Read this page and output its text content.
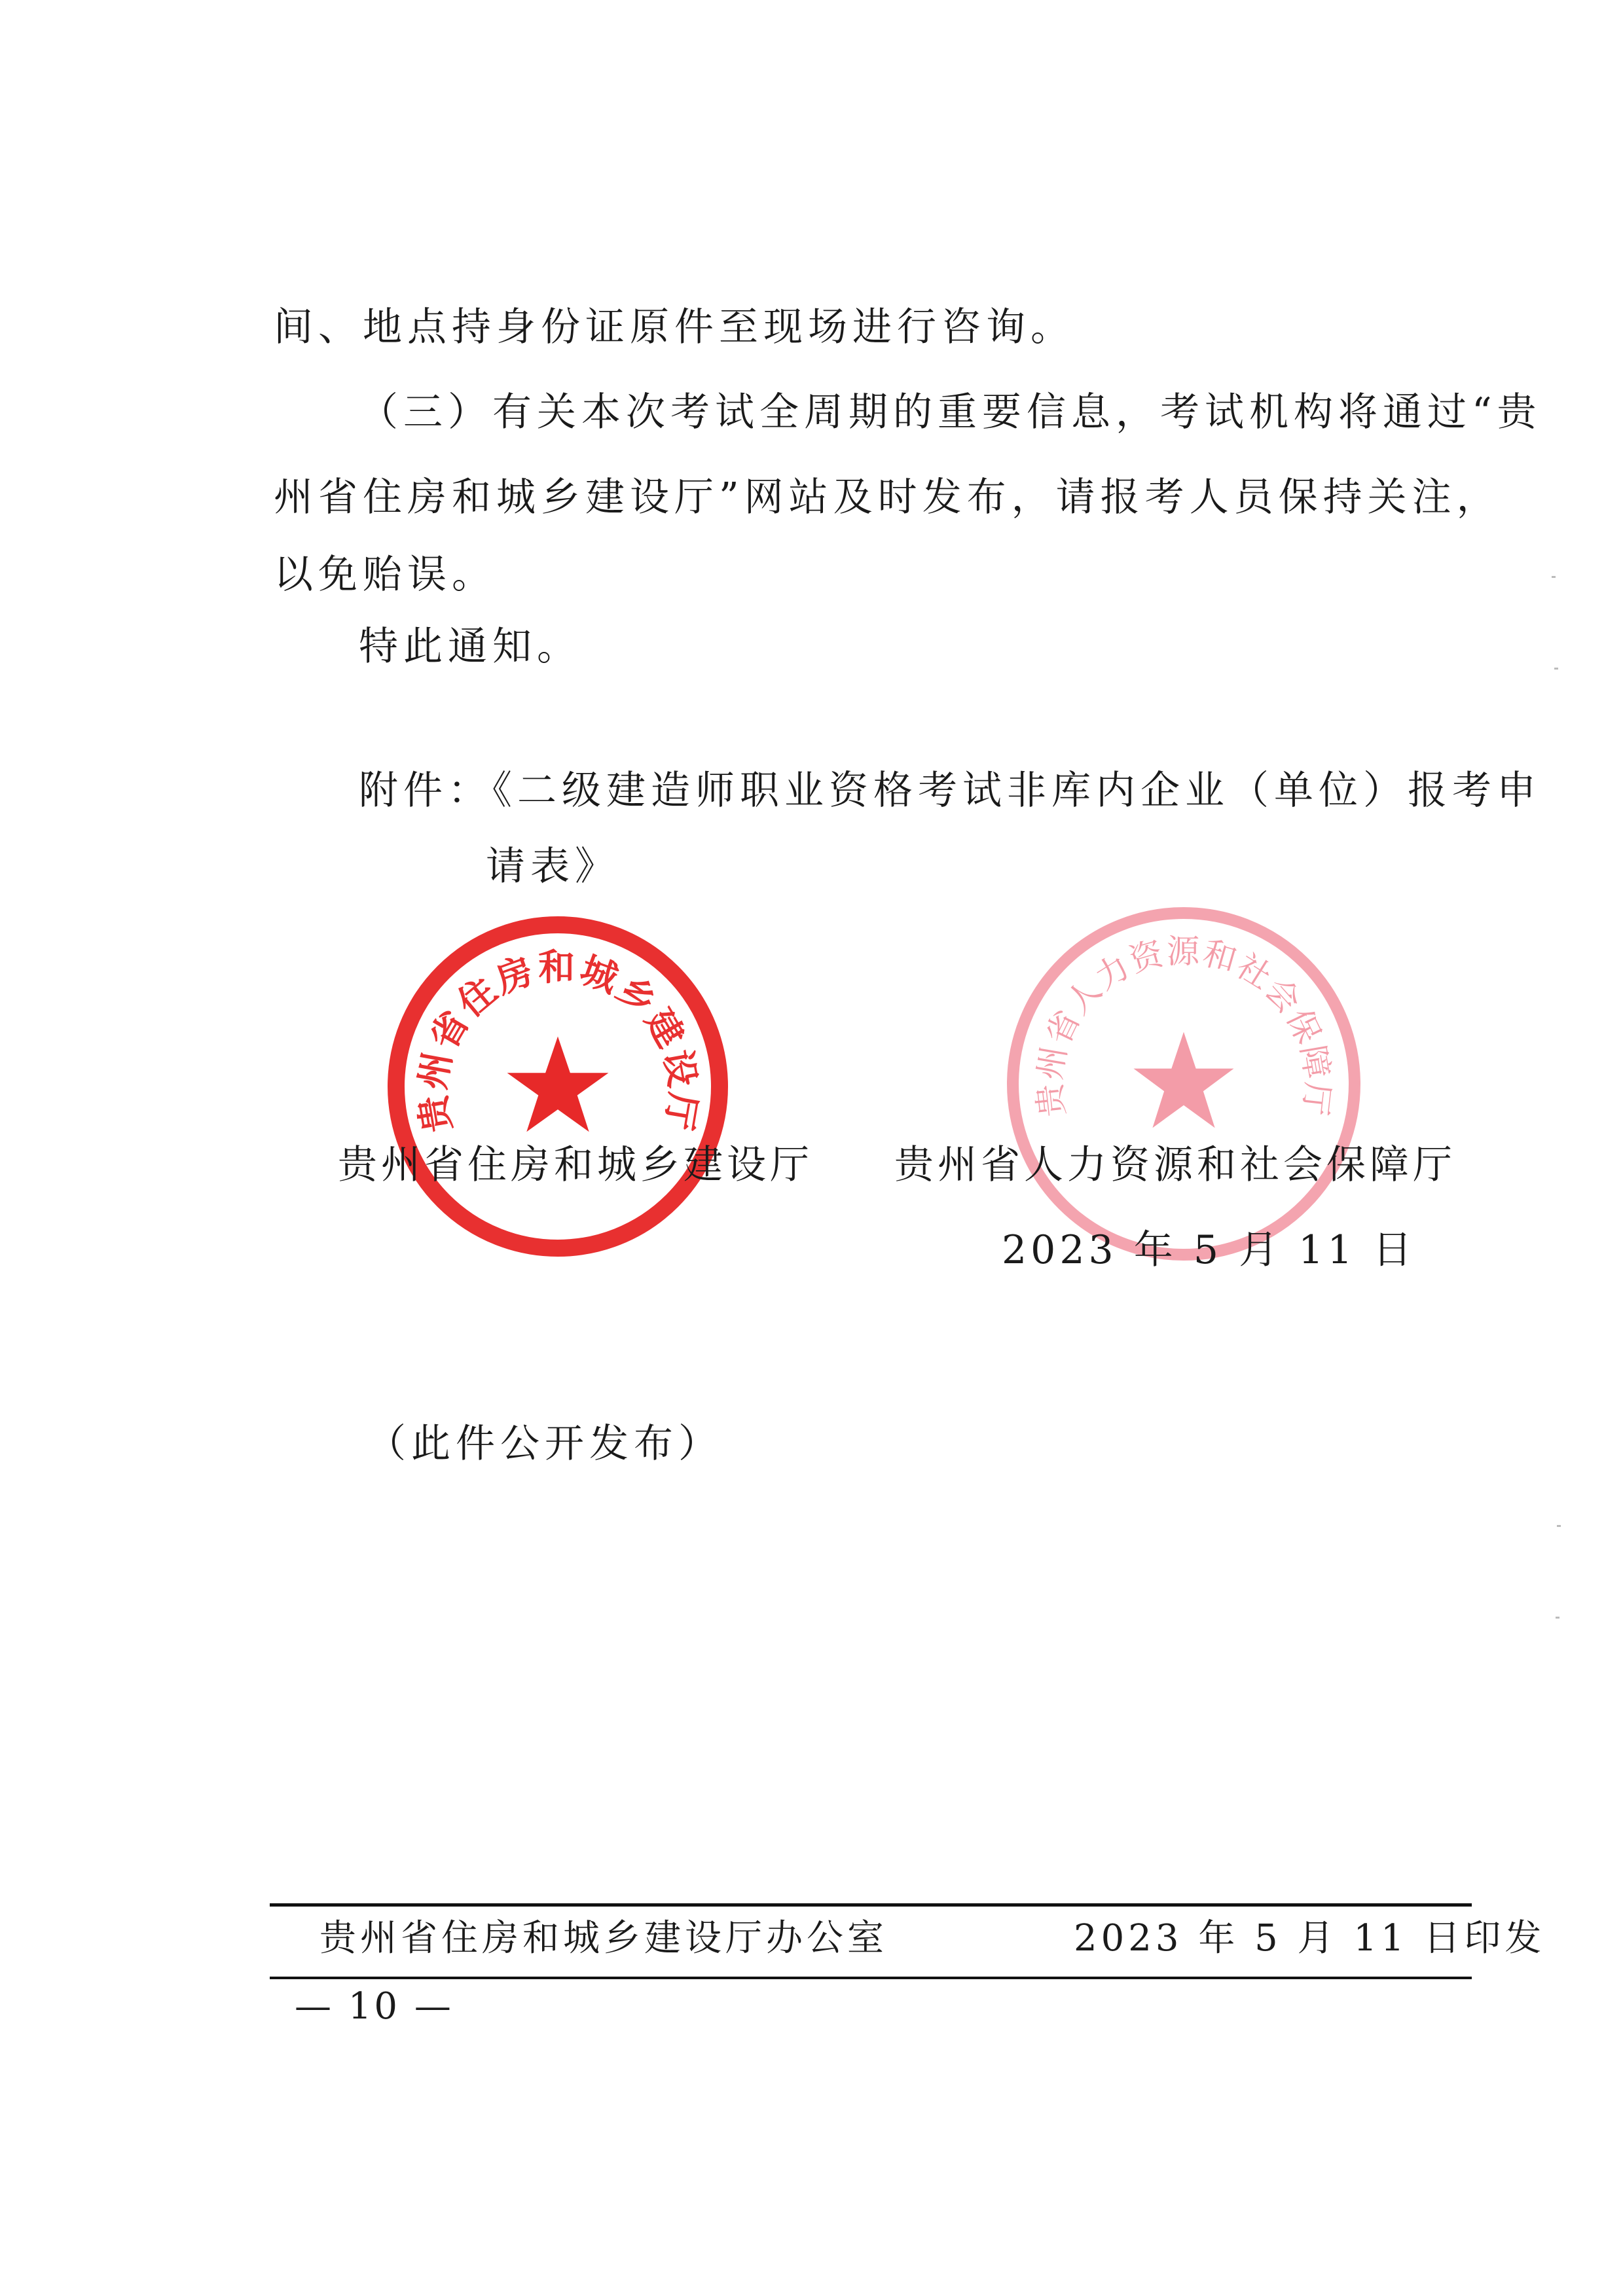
间、地点持身份证原件至现场进行咨询。
（三）有关本次考试全周期的重要信息，考试机构将通过“贵
州省住房和城乡建设厅”网站及时发布，请报考人员保持关注，
以免贻误。
特此通知。
附件：《二级建造师职业资格考试非库内企业（单位）报考申
请表》
贵州省住房和城乡建设厅	贵州省人力资源和社会保障厅
贵州省住房和城乡建设厅 贵州省人力资源和社会保障厅
2023 年 5 月 11 日
（此件公开发布）
贵州省住房和城乡建设厅办公室	2023 年 5 月 11 日印发
— 10 —
